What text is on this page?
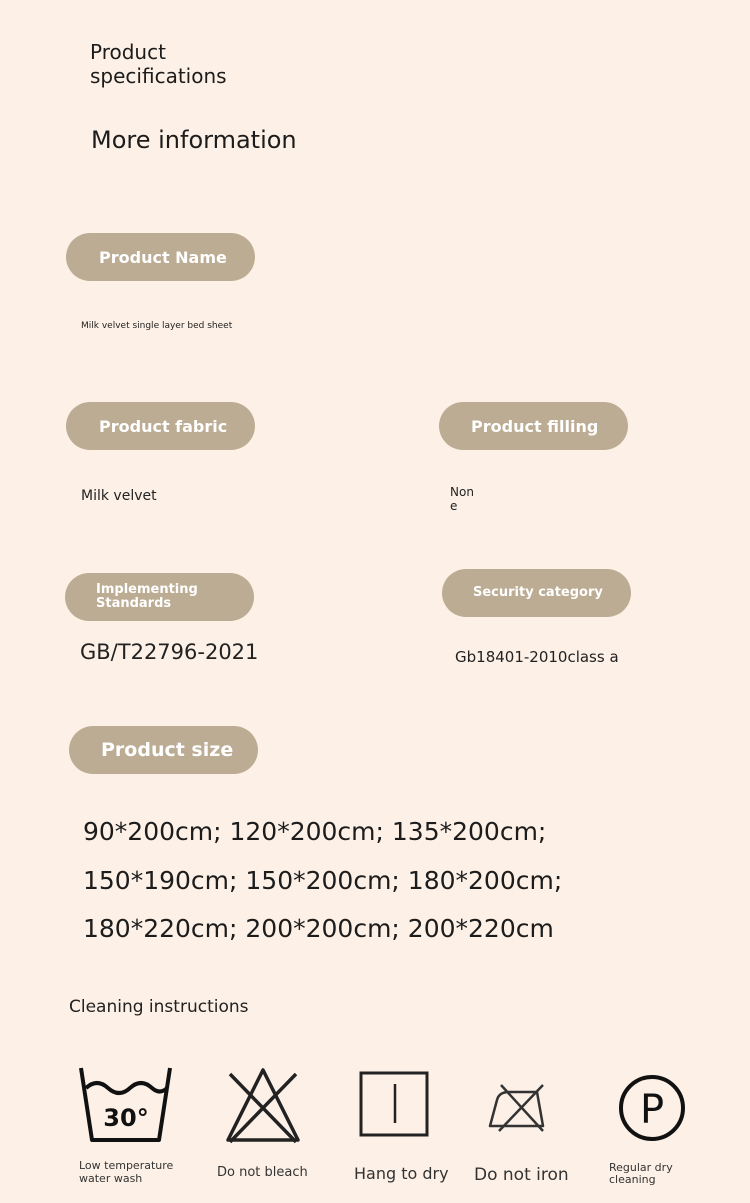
Product specifications
More information
Product Name
Milk velvet single layer bed sheet
Product fabric
Milk velvet
Product filling
Non
e
Implementing Standards
GB/T22796-2021
Security category
Gb18401-2010class a
Product size
90*200cm; 120*200cm; 135*200cm; 150*190cm; 150*200cm; 180*200cm; 180*220cm; 200*200cm; 200*220cm
Cleaning instructions
30°
Low temperature water wash	Do not bleach	Hang to dry Do not iron
P
Regular dry cleaning
